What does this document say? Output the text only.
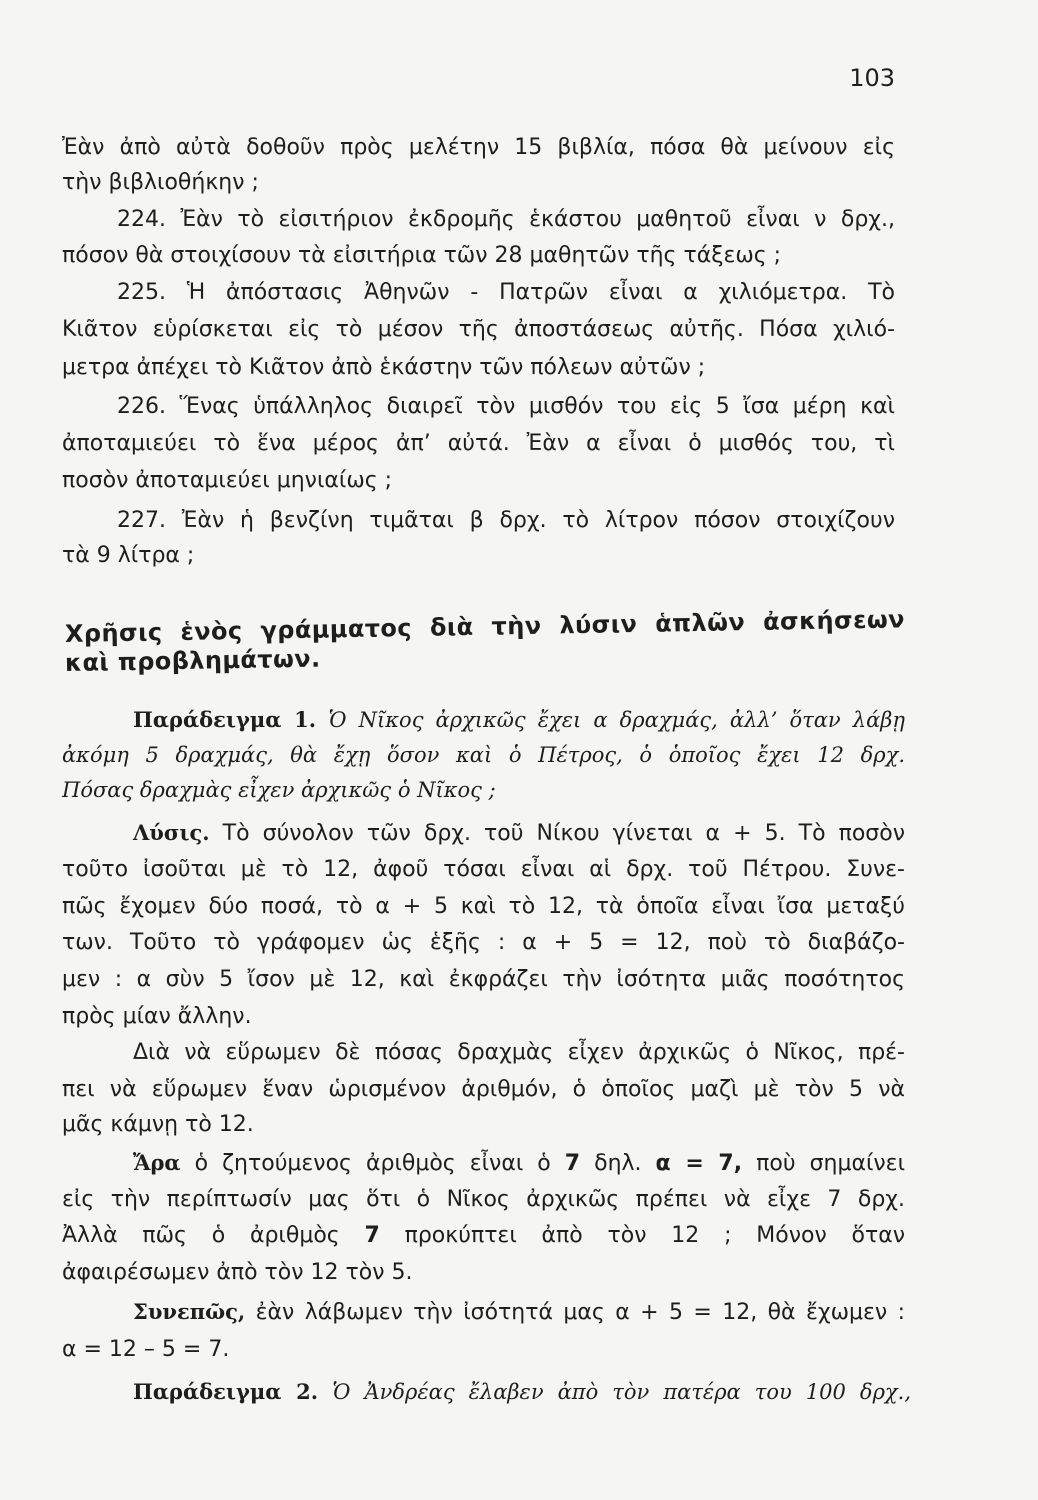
103
Ἐὰν ἀπὸ αὐτὰ δοθοῦν πρὸς μελέτην 15 βιβλία, πόσα θὰ μείνουν εἰς
τὴν βιβλιοθήκην ;
224. Ἐὰν τὸ εἰσιτήριον ἐκδρομῆς ἑκάστου μαθητοῦ εἶναι ν δρχ.,
πόσον θὰ στοιχίσουν τὰ εἰσιτήρια τῶν 28 μαθητῶν τῆς τάξεως ;
225. Ἡ ἀπόστασις Ἀθηνῶν - Πατρῶν εἶναι α χιλιόμετρα. Τὸ
Κιᾶτον εὑρίσκεται εἰς τὸ μέσον τῆς ἀποστάσεως αὐτῆς. Πόσα χιλιό-
μετρα ἀπέχει τὸ Κιᾶτον ἀπὸ ἑκάστην τῶν πόλεων αὐτῶν ;
226. Ἕνας ὑπάλληλος διαιρεῖ τὸν μισθόν του εἰς 5 ἴσα μέρη καὶ
ἀποταμιεύει τὸ ἕνα μέρος ἀπ’ αὐτά. Ἐὰν α εἶναι ὁ μισθός του, τὶ
ποσὸν ἀποταμιεύει μηνιαίως ;
227. Ἐὰν ἡ βενζίνη τιμᾶται β δρχ. τὸ λίτρον πόσον στοιχίζουν
τὰ 9 λίτρα ;
Χρῆσις ἑνὸς γράμματος διὰ τὴν λύσιν ἁπλῶν ἀσκήσεων
καὶ προβλημάτων.
Παράδειγμα 1. Ὁ Νῖκος ἀρχικῶς ἔχει α δραχμάς, ἀλλ’ ὅταν λάβῃ
ἀκόμη 5 δραχμάς, θὰ ἔχῃ ὅσον καὶ ὁ Πέτρος, ὁ ὁποῖος ἔχει 12 δρχ.
Πόσας δραχμὰς εἶχεν ἀρχικῶς ὁ Νῖκος ;
Λύσις. Τὸ σύνολον τῶν δρχ. τοῦ Νίκου γίνεται α + 5. Τὸ ποσὸν
τοῦτο ἰσοῦται μὲ τὸ 12, ἀφοῦ τόσαι εἶναι αἱ δρχ. τοῦ Πέτρου. Συνε-
πῶς ἔχομεν δύο ποσά, τὸ α + 5 καὶ τὸ 12, τὰ ὁποῖα εἶναι ἴσα μεταξύ
των. Τοῦτο τὸ γράφομεν ὡς ἑξῆς : α + 5 = 12, ποὺ τὸ διαβάζο-
μεν : α σὺν 5 ἴσον μὲ 12, καὶ ἐκφράζει τὴν ἰσότητα μιᾶς ποσότητος
πρὸς μίαν ἄλλην.
Διὰ νὰ εὕρωμεν δὲ πόσας δραχμὰς εἶχεν ἀρχικῶς ὁ Νῖκος, πρέ-
πει νὰ εὕρωμεν ἕναν ὡρισμένον ἀριθμόν, ὁ ὁποῖος μαζὶ μὲ τὸν 5 νὰ
μᾶς κάμνῃ τὸ 12.
Ἄρα ὁ ζητούμενος ἀριθμὸς εἶναι ὁ 7 δηλ. α = 7, ποὺ σημαίνει
εἰς τὴν περίπτωσίν μας ὅτι ὁ Νῖκος ἀρχικῶς πρέπει νὰ εἶχε 7 δρχ.
Ἀλλὰ πῶς ὁ ἀριθμὸς 7 προκύπτει ἀπὸ τὸν 12 ; Μόνον ὅταν
ἀφαιρέσωμεν ἀπὸ τὸν 12 τὸν 5.
Συνεπῶς, ἐὰν λάβωμεν τὴν ἰσότητά μας α + 5 = 12, θὰ ἔχωμεν :
α = 12 – 5 = 7.
Παράδειγμα 2. Ὁ Ἀνδρέας ἔλαβεν ἀπὸ τὸν πατέρα του 100 δρχ.,
